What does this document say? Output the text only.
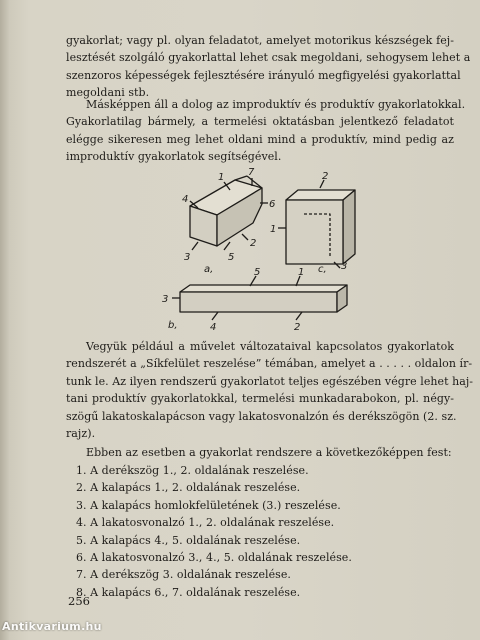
gyakorlat; vagy pl. olyan feladatot, amelyet motorikus készségek fej-
lesztését szolgáló gyakorlattal lehet csak megoldani, sehogysem lehet a
szenzoros képességek fejlesztésére irányuló megfigyelési gyakorlattal
megoldani stb.
Másképpen áll a dolog az improduktív és produktív gyakorlatokkal.
Gyakorlatilag bármely, a termelési oktatásban jelentkező feladatot
elégge sikeresen meg lehet oldani mind a produktív, mind pedig az
improduktív gyakorlatok segítségével.
1 7
4	6
2
3	5
a,
2
1
3
c,
5	1
3
4	2
b,
Vegyük például a művelet változataival kapcsolatos gyakorlatok
rendszerét a „Síkfelület reszelése” témában, amelyet a . . . . . oldalon ír-
tunk le. Az ilyen rendszerű gyakorlatot teljes egészében végre lehet haj-
tani produktív gyakorlatokkal, termelési munkadarabokon, pl. négy-
szögű lakatoskalapácson vagy lakatosvonalzón és derékszögön (2. sz.
rajz).
Ebben az esetben a gyakorlat rendszere a következőképpen fest:
1. A derékszög 1., 2. oldalának reszelése.
2. A kalapács 1., 2. oldalának reszelése.
3. A kalapács homlokfelületének (3.) reszelése.
4. A lakatosvonalzó 1., 2. oldalának reszelése.
5. A kalapács 4., 5. oldalának reszelése.
6. A lakatosvonalzó 3., 4., 5. oldalának reszelése.
7. A derékszög 3. oldalának reszelése.
8. A kalapács 6., 7. oldalának reszelése.
256
Antikvarium.hu
